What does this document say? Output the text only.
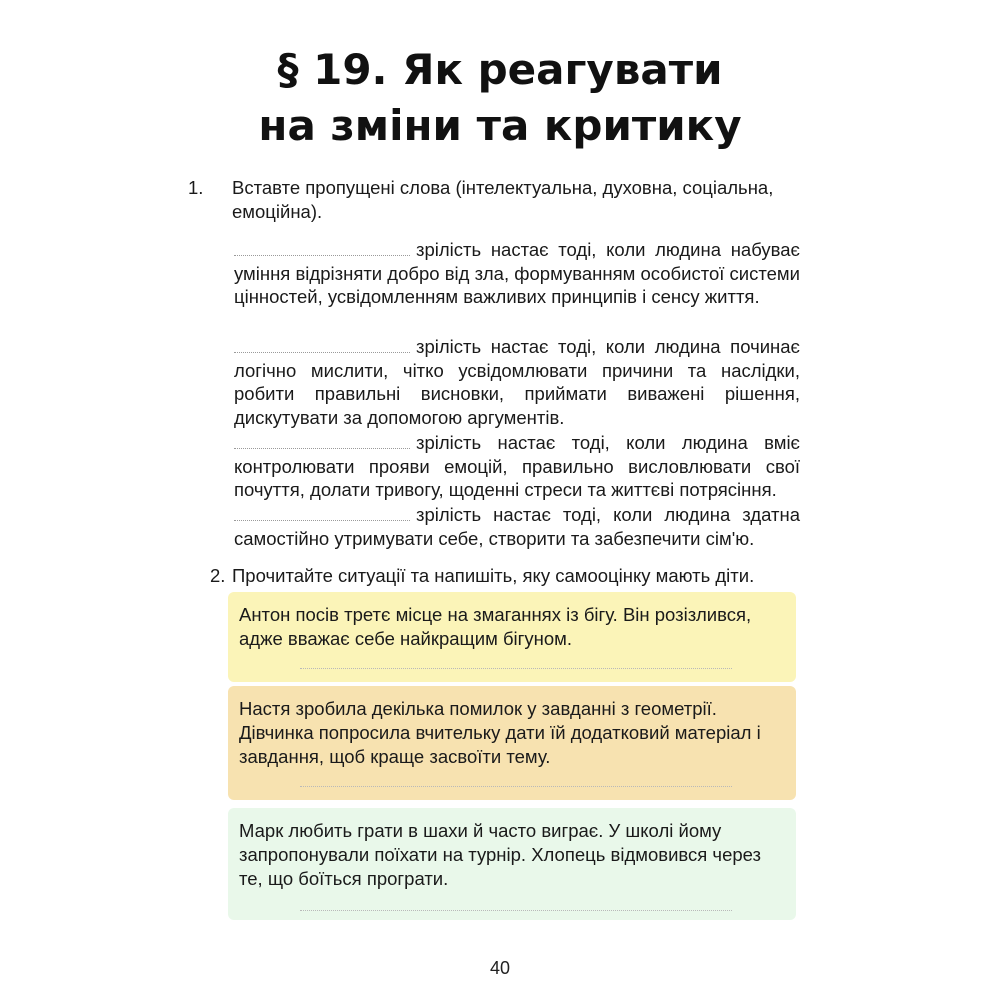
§ 19. Як реагувати
на зміни та критику
1. Вставте пропущені слова (інтелектуальна, духовна, соціальна, емоційна).
зрілість настає тоді, коли людина набуває уміння відрізняти добро від зла, формуванням особистої системи цінностей, усвідомленням важливих принципів і сенсу життя.
зрілість настає тоді, коли людина починає логічно мислити, чітко усвідомлювати причини та наслідки, робити правильні висновки, приймати виважені рішення, дискутувати за допомогою аргументів.
зрілість настає тоді, коли людина вміє контролювати прояви емоцій, правильно висловлювати свої почуття, долати тривогу, щоденні стреси та життєві потрясіння.
зрілість настає тоді, коли людина здатна самостійно утримувати себе, створити та забезпечити сім'ю.
2. Прочитайте ситуації та напишіть, яку самооцінку мають діти.
Антон посів третє місце на змаганнях із бігу. Він розізлився, адже вважає себе найкращим бігуном.
Настя зробила декілька помилок у завданні з геометрії. Дівчинка попросила вчительку дати їй додатковий матеріал і завдання, щоб краще засвоїти тему.
Марк любить грати в шахи й часто виграє. У школі йому запропонували поїхати на турнір. Хлопець відмовився через те, що боїться програти.
40
